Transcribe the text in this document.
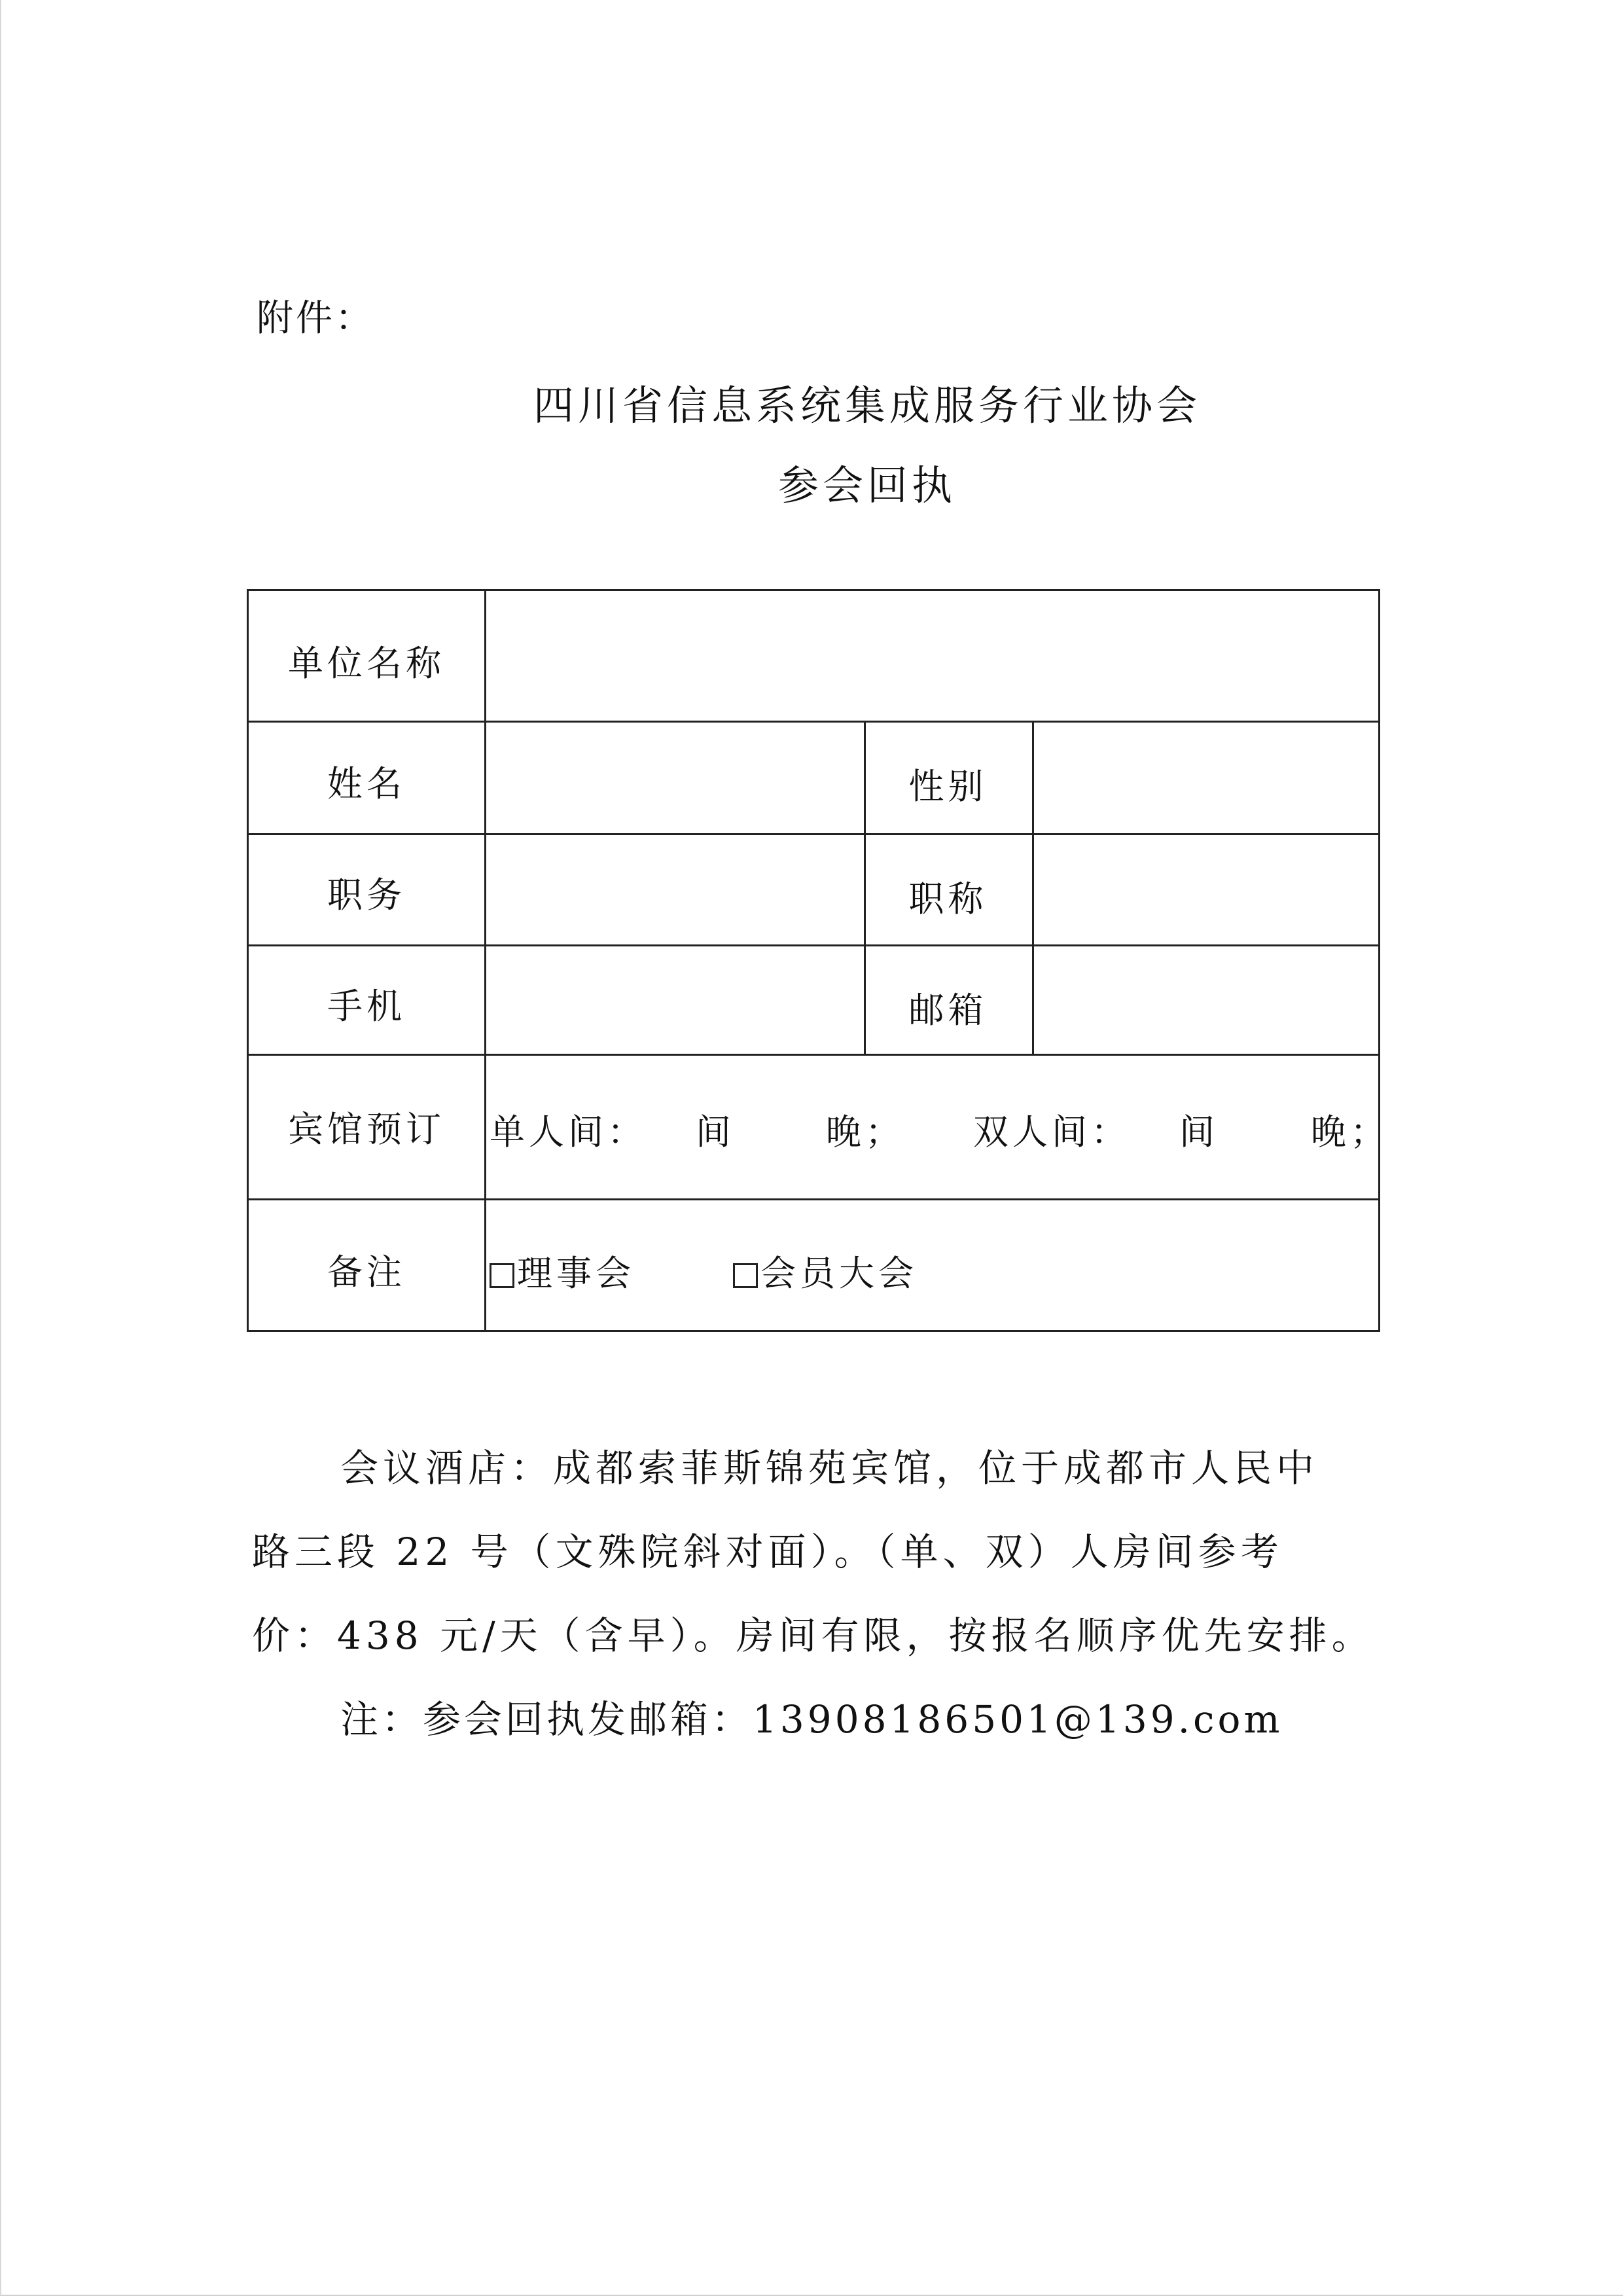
附件：
四川省信息系统集成服务行业协会
参会回执
单位名称
姓名	性别
职务	职称
手机	邮箱
宾馆预订	单人间： 间	晚； 双人间： 间	晚；
备注	理事会	会员大会
会议酒店：成都索菲斯锦苑宾馆，位于成都市人民中
路三段 22 号（文殊院斜对面）。（单、双）人房间参考
价：438 元/天（含早）。房间有限，按报名顺序优先安排。
注：参会回执发邮箱：13908186501@139.com
